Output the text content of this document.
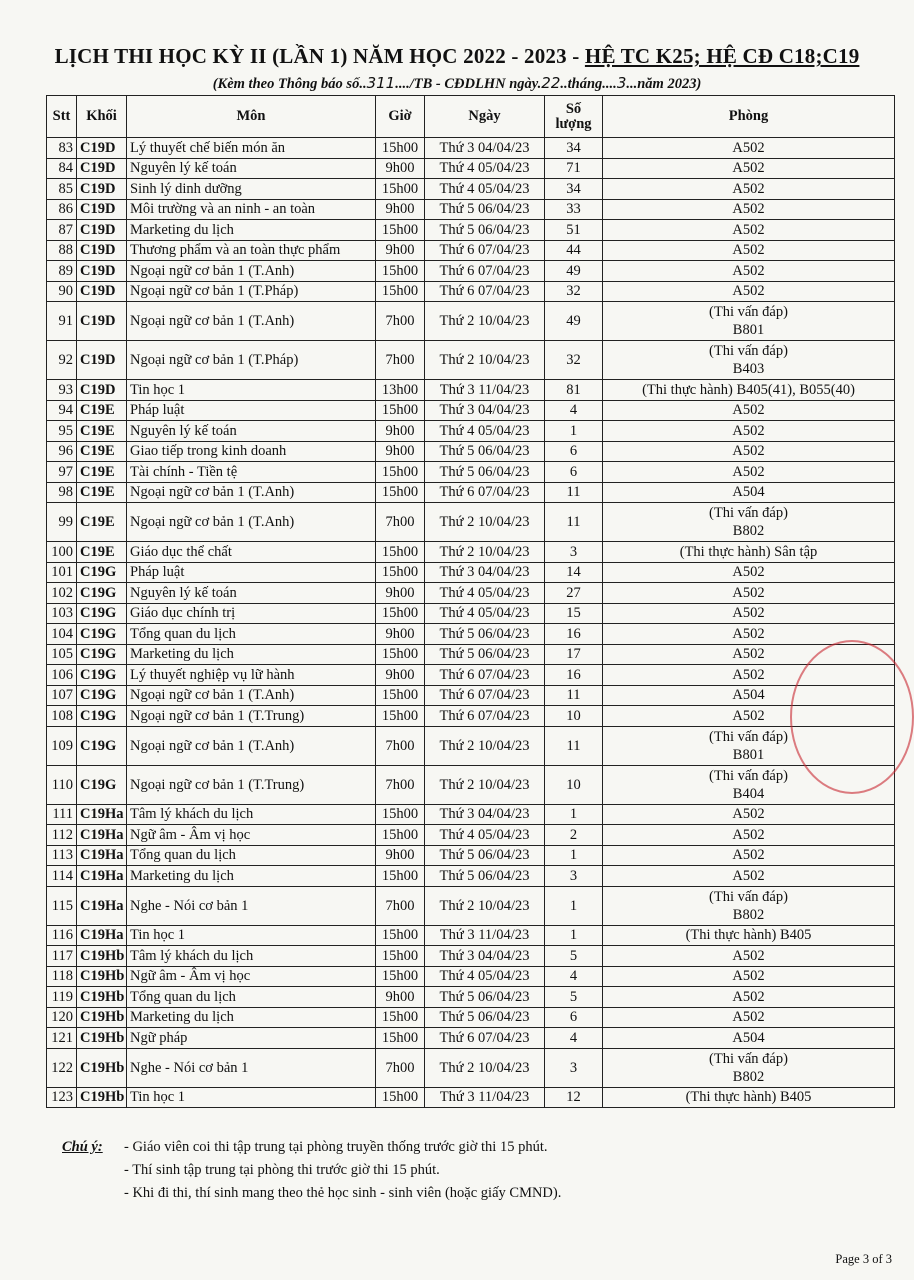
LỊCH THI HỌC KỲ II (LẦN 1) NĂM HỌC 2022 - 2023 - HỆ TC K25; HỆ CĐ C18;C19
(Kèm theo Thông báo số..311..../TB - CĐDLHN ngày.22..tháng....3...năm 2023)
Stt	Khối	Môn	Giờ	Ngày	Số lượng	Phòng
83	C19D	Lý thuyết chế biến món ăn	15h00	Thứ 3 04/04/23	34	A502
84	C19D	Nguyên lý kế toán	9h00	Thứ 4 05/04/23	71	A502
85	C19D	Sinh lý dinh dưỡng	15h00	Thứ 4 05/04/23	34	A502
86	C19D	Môi trường và an ninh - an toàn	9h00	Thứ 5 06/04/23	33	A502
87	C19D	Marketing du lịch	15h00	Thứ 5 06/04/23	51	A502
88	C19D	Thương phẩm và an toàn thực phẩm	9h00	Thứ 6 07/04/23	44	A502
89	C19D	Ngoại ngữ cơ bản 1 (T.Anh)	15h00	Thứ 6 07/04/23	49	A502
90	C19D	Ngoại ngữ cơ bản 1 (T.Pháp)	15h00	Thứ 6 07/04/23	32	A502
91	C19D	Ngoại ngữ cơ bản 1 (T.Anh)	7h00	Thứ 2 10/04/23	49	(Thi vấn đáp)
B801

92	C19D	Ngoại ngữ cơ bản 1 (T.Pháp)	7h00	Thứ 2 10/04/23	32	(Thi vấn đáp)
B403

93	C19D	Tin học 1	13h00	Thứ 3 11/04/23	81	(Thi thực hành) B405(41), B055(40)
94	C19E	Pháp luật	15h00	Thứ 3 04/04/23	4	A502
95	C19E	Nguyên lý kế toán	9h00	Thứ 4 05/04/23	1	A502
96	C19E	Giao tiếp trong kinh doanh	9h00	Thứ 5 06/04/23	6	A502
97	C19E	Tài chính - Tiền tệ	15h00	Thứ 5 06/04/23	6	A502
98	C19E	Ngoại ngữ cơ bản 1 (T.Anh)	15h00	Thứ 6 07/04/23	11	A504
99	C19E	Ngoại ngữ cơ bản 1 (T.Anh)	7h00	Thứ 2 10/04/23	11	(Thi vấn đáp)
B802

100	C19E	Giáo dục thể chất	15h00	Thứ 2 10/04/23	3	(Thi thực hành) Sân tập
101	C19G	Pháp luật	15h00	Thứ 3 04/04/23	14	A502
102	C19G	Nguyên lý kế toán	9h00	Thứ 4 05/04/23	27	A502
103	C19G	Giáo dục chính trị	15h00	Thứ 4 05/04/23	15	A502
104	C19G	Tổng quan du lịch	9h00	Thứ 5 06/04/23	16	A502
105	C19G	Marketing du lịch	15h00	Thứ 5 06/04/23	17	A502
106	C19G	Lý thuyết nghiệp vụ lữ hành	9h00	Thứ 6 07/04/23	16	A502
107	C19G	Ngoại ngữ cơ bản 1 (T.Anh)	15h00	Thứ 6 07/04/23	11	A504
108	C19G	Ngoại ngữ cơ bản 1 (T.Trung)	15h00	Thứ 6 07/04/23	10	A502
109	C19G	Ngoại ngữ cơ bản 1 (T.Anh)	7h00	Thứ 2 10/04/23	11	(Thi vấn đáp)
B801

110	C19G	Ngoại ngữ cơ bản 1 (T.Trung)	7h00	Thứ 2 10/04/23	10	(Thi vấn đáp)
B404

111	C19Ha	Tâm lý khách du lịch	15h00	Thứ 3 04/04/23	1	A502
112	C19Ha	Ngữ âm - Âm vị học	15h00	Thứ 4 05/04/23	2	A502
113	C19Ha	Tổng quan du lịch	9h00	Thứ 5 06/04/23	1	A502
114	C19Ha	Marketing du lịch	15h00	Thứ 5 06/04/23	3	A502
115	C19Ha	Nghe - Nói cơ bản 1	7h00	Thứ 2 10/04/23	1	(Thi vấn đáp)
B802

116	C19Ha	Tin học 1	15h00	Thứ 3 11/04/23	1	(Thi thực hành) B405
117	C19Hb	Tâm lý khách du lịch	15h00	Thứ 3 04/04/23	5	A502
118	C19Hb	Ngữ âm - Âm vị học	15h00	Thứ 4 05/04/23	4	A502
119	C19Hb	Tổng quan du lịch	9h00	Thứ 5 06/04/23	5	A502
120	C19Hb	Marketing du lịch	15h00	Thứ 5 06/04/23	6	A502
121	C19Hb	Ngữ pháp	15h00	Thứ 6 07/04/23	4	A504
122	C19Hb	Nghe - Nói cơ bản 1	7h00	Thứ 2 10/04/23	3	(Thi vấn đáp)
B802

123	C19Hb	Tin học 1	15h00	Thứ 3 11/04/23	12	(Thi thực hành) B405
Chú ý: - Giáo viên coi thi tập trung tại phòng truyền thống trước giờ thi 15 phút.
- Thí sinh tập trung tại phòng thi trước giờ thi 15 phút.
- Khi đi thi, thí sinh mang theo thẻ học sinh - sinh viên (hoặc giấy CMND).
Page 3 of 3
